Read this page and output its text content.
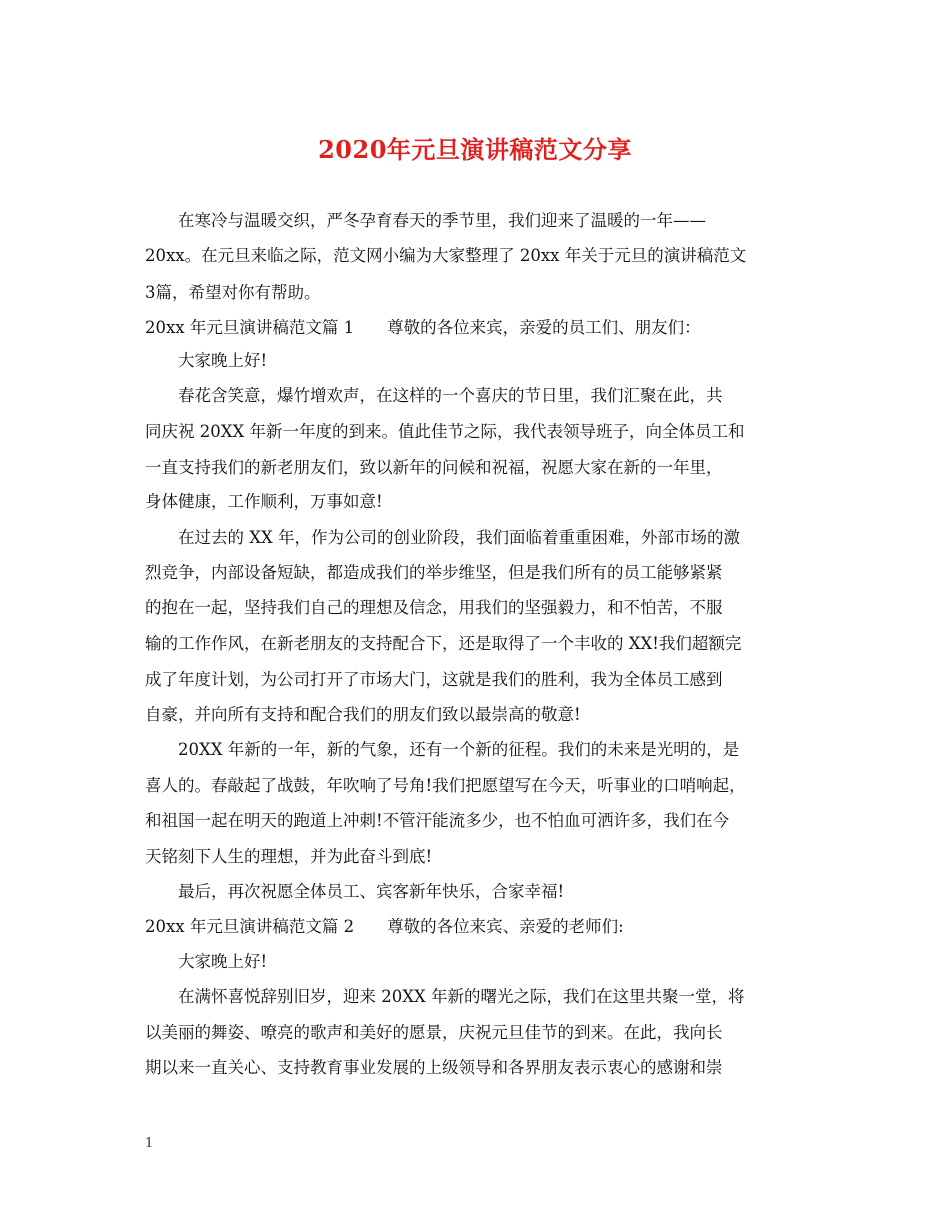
2020年元旦演讲稿范文分享
在寒冷与温暖交织，严冬孕育春天的季节里，我们迎来了温暖的一年——
20xx。在元旦来临之际，范文网小编为大家整理了 20xx 年关于元旦的演讲稿范文
3篇，希望对你有帮助。
20xx 年元旦演讲稿范文篇 1　　尊敬的各位来宾，亲爱的员工们、朋友们：
大家晚上好!
春花含笑意，爆竹增欢声，在这样的一个喜庆的节日里，我们汇聚在此，共
同庆祝 20XX 年新一年度的到来。值此佳节之际，我代表领导班子，向全体员工和
一直支持我们的新老朋友们，致以新年的问候和祝福，祝愿大家在新的一年里，
身体健康，工作顺利，万事如意!
在过去的 XX 年，作为公司的创业阶段，我们面临着重重困难，外部市场的激
烈竞争，内部设备短缺，都造成我们的举步维坚，但是我们所有的员工能够紧紧
的抱在一起，坚持我们自己的理想及信念，用我们的坚强毅力，和不怕苦，不服
输的工作作风，在新老朋友的支持配合下，还是取得了一个丰收的 XX!我们超额完
成了年度计划，为公司打开了市场大门，这就是我们的胜利，我为全体员工感到
自豪，并向所有支持和配合我们的朋友们致以最崇高的敬意!
20XX 年新的一年，新的气象，还有一个新的征程。我们的未来是光明的，是
喜人的。春敲起了战鼓，年吹响了号角!我们把愿望写在今天，听事业的口哨响起，
和祖国一起在明天的跑道上冲刺!不管汗能流多少，也不怕血可洒许多，我们在今
天铭刻下人生的理想，并为此奋斗到底!
最后，再次祝愿全体员工、宾客新年快乐，合家幸福!
20xx 年元旦演讲稿范文篇 2　　尊敬的各位来宾、亲爱的老师们:
大家晚上好!
在满怀喜悦辞别旧岁，迎来 20XX 年新的曙光之际，我们在这里共聚一堂，将
以美丽的舞姿、嘹亮的歌声和美好的愿景，庆祝元旦佳节的到来。在此，我向长
期以来一直关心、支持教育事业发展的上级领导和各界朋友表示衷心的感谢和崇
1
